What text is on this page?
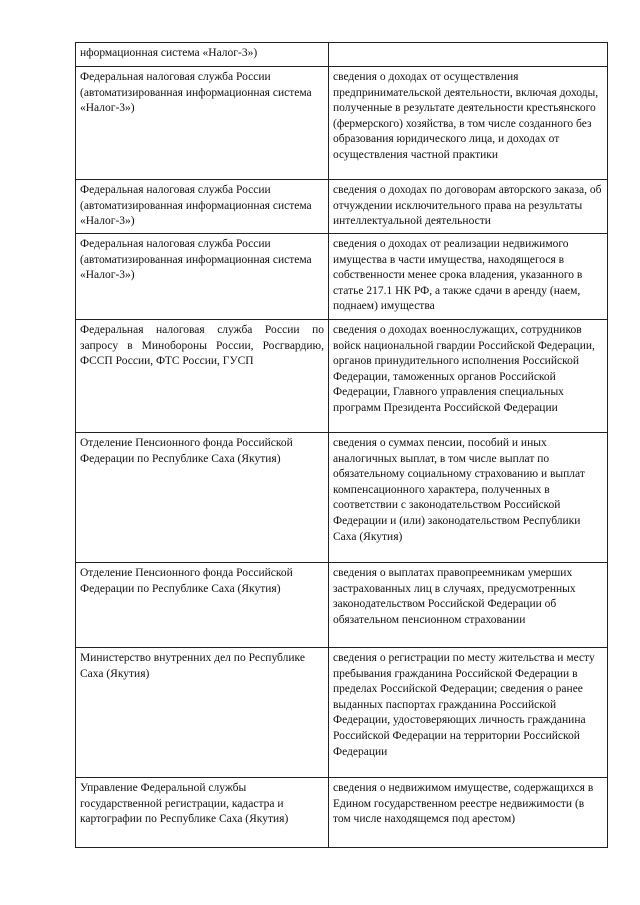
нформационная система «Налог-3»)	
Федеральная налоговая служба России (автоматизированная информационная система «Налог-3»)	сведения о доходах от осуществления предпринимательской деятельности, включая доходы, полученные в результате деятельности крестьянского (фермерского) хозяйства, в том числе созданного без образования юридического лица, и доходах от осуществления частной практики
Федеральная налоговая служба России (автоматизированная информационная система «Налог-3»)	сведения о доходах по договорам авторского заказа, об отчуждении исключительного права на результаты интеллектуальной деятельности
Федеральная налоговая служба России (автоматизированная информационная система «Налог-3»)	сведения о доходах от реализации недвижимого имущества в части имущества, находящегося в собственности менее срока владения, указанного в статье 217.1 НК РФ, а также сдачи в аренду (наем, поднаем) имущества
Федеральная налоговая служба России по запросу в Минобороны России, Росгвардию, ФССП России, ФТС России, ГУСП	сведения о доходах военнослужащих, сотрудников войск национальной гвардии Российской Федерации, органов принудительного исполнения Российской Федерации, таможенных органов Российской Федерации, Главного управления специальных программ Президента Российской Федерации
Отделение Пенсионного фонда Российской Федерации по Республике Саха (Якутия)	сведения о суммах пенсии, пособий и иных аналогичных выплат, в том числе выплат по обязательному социальному страхованию и выплат компенсационного характера, полученных в соответствии с законодательством Российской Федерации и (или) законодательством Республики Саха (Якутия)
Отделение Пенсионного фонда Российской Федерации по Республике Саха (Якутия)	сведения о выплатах правопреемникам умерших застрахованных лиц в случаях, предусмотренных законодательством Российской Федерации об обязательном пенсионном страховании
Министерство внутренних дел по Республике Саха (Якутия)	сведения о регистрации по месту жительства и месту пребывания гражданина Российской Федерации в пределах Российской Федерации; сведения о ранее выданных паспортах гражданина Российской Федерации, удостоверяющих личность гражданина Российской Федерации на территории Российской Федерации
Управление Федеральной службы государственной регистрации, кадастра и картографии по Республике Саха (Якутия)	сведения о недвижимом имуществе, содержащихся в Едином государственном реестре недвижимости (в том числе находящемся под арестом)
